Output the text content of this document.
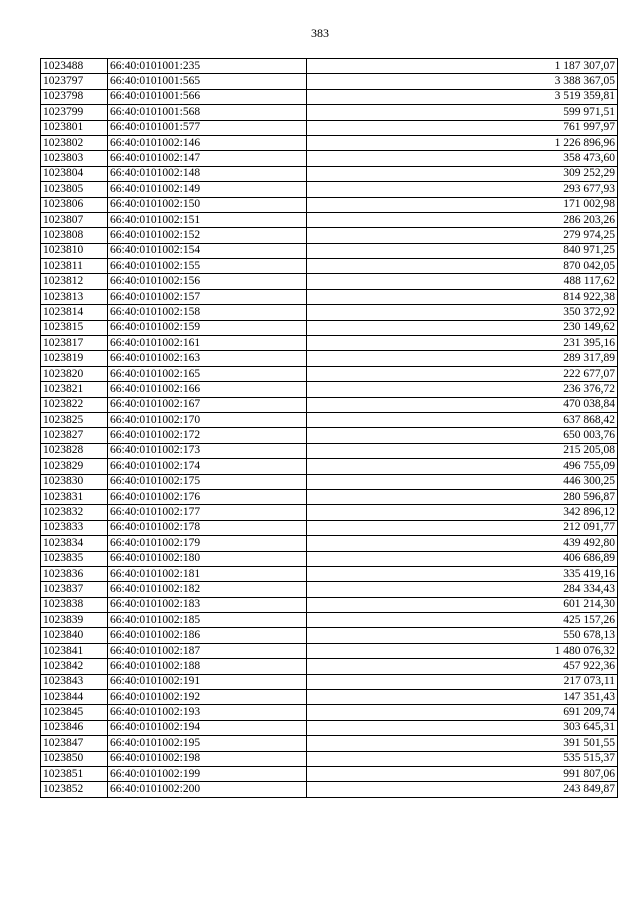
383
1023488	66:40:0101001:235	1 187 307,07
1023797	66:40:0101001:565	3 388 367,05
1023798	66:40:0101001:566	3 519 359,81
1023799	66:40:0101001:568	599 971,51
1023801	66:40:0101001:577	761 997,97
1023802	66:40:0101002:146	1 226 896,96
1023803	66:40:0101002:147	358 473,60
1023804	66:40:0101002:148	309 252,29
1023805	66:40:0101002:149	293 677,93
1023806	66:40:0101002:150	171 002,98
1023807	66:40:0101002:151	286 203,26
1023808	66:40:0101002:152	279 974,25
1023810	66:40:0101002:154	840 971,25
1023811	66:40:0101002:155	870 042,05
1023812	66:40:0101002:156	488 117,62
1023813	66:40:0101002:157	814 922,38
1023814	66:40:0101002:158	350 372,92
1023815	66:40:0101002:159	230 149,62
1023817	66:40:0101002:161	231 395,16
1023819	66:40:0101002:163	289 317,89
1023820	66:40:0101002:165	222 677,07
1023821	66:40:0101002:166	236 376,72
1023822	66:40:0101002:167	470 038,84
1023825	66:40:0101002:170	637 868,42
1023827	66:40:0101002:172	650 003,76
1023828	66:40:0101002:173	215 205,08
1023829	66:40:0101002:174	496 755,09
1023830	66:40:0101002:175	446 300,25
1023831	66:40:0101002:176	280 596,87
1023832	66:40:0101002:177	342 896,12
1023833	66:40:0101002:178	212 091,77
1023834	66:40:0101002:179	439 492,80
1023835	66:40:0101002:180	406 686,89
1023836	66:40:0101002:181	335 419,16
1023837	66:40:0101002:182	284 334,43
1023838	66:40:0101002:183	601 214,30
1023839	66:40:0101002:185	425 157,26
1023840	66:40:0101002:186	550 678,13
1023841	66:40:0101002:187	1 480 076,32
1023842	66:40:0101002:188	457 922,36
1023843	66:40:0101002:191	217 073,11
1023844	66:40:0101002:192	147 351,43
1023845	66:40:0101002:193	691 209,74
1023846	66:40:0101002:194	303 645,31
1023847	66:40:0101002:195	391 501,55
1023850	66:40:0101002:198	535 515,37
1023851	66:40:0101002:199	991 807,06
1023852	66:40:0101002:200	243 849,87
